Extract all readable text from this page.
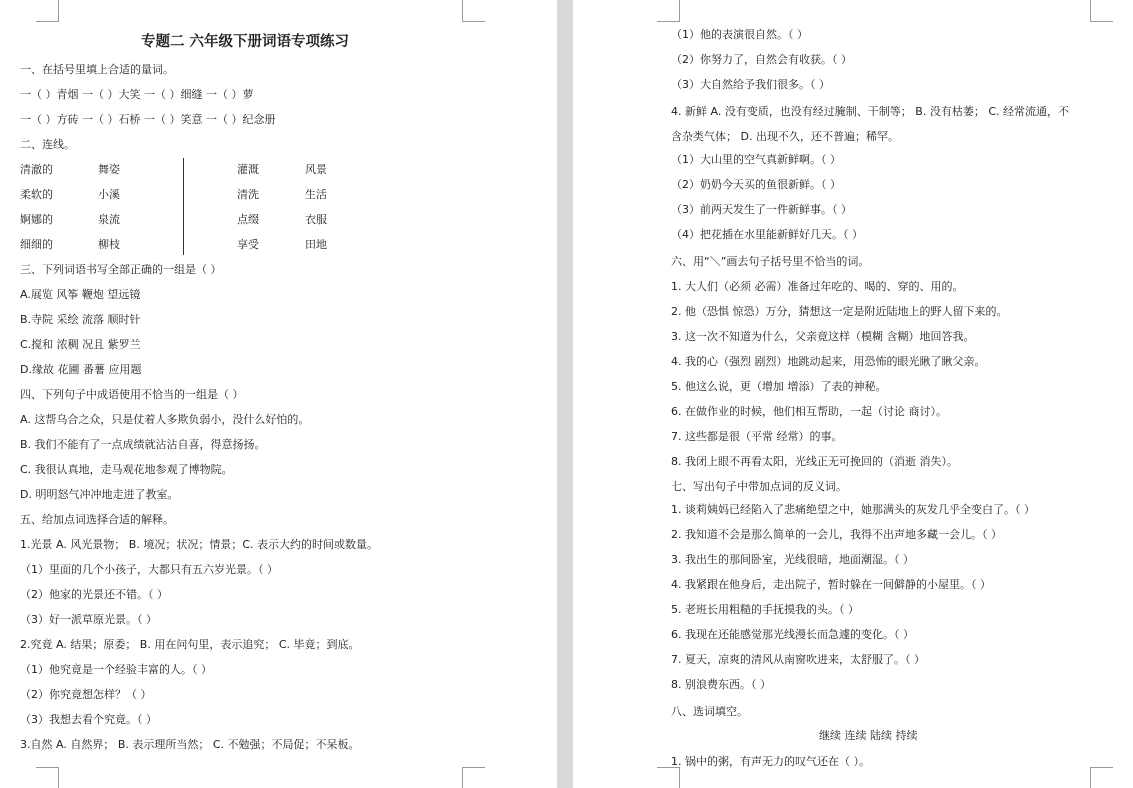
专题二 六年级下册词语专项练习
一、在括号里填上合适的量词。
一（ ）青烟 一（ ）大笑 一（ ）细缝 一（ ）萝
一（ ）方砖 一（ ）石桥 一（ ）笑意 一（ ）纪念册
二、连线。
清澈的	舞姿	灌溉	风景
柔软的	小溪	清洗	生活
婀娜的	泉流	点缀	衣服
细细的	柳枝	享受	田地
三、下列词语书写全部正确的一组是（ ）
A.展览 风筝 鞭炮 望远镜
B.寺院 采绘 流落 顺时针
C.搅和 浓稠 况且 紫罗兰
D.缘故 花圃 番薯 应用题
四、下列句子中成语使用不恰当的一组是（ ）
A. 这帮乌合之众，只是仗着人多欺负弱小，没什么好怕的。
B. 我们不能有了一点成绩就沾沾自喜，得意扬扬。
C. 我很认真地，走马观花地参观了博物院。
D. 明明怒气冲冲地走进了教室。
五、给加点词选择合适的解释。
1.光景 A. 风光景物； B. 境况；状况；情景；C. 表示大约的时间或数量。
（1）里面的几个小孩子，大都只有五六岁光景。（ ）
（2）他家的光景还不错。（ ）
（3）好一派草原光景。（ ）
2.究竟 A. 结果；原委； B. 用在问句里，表示追究； C. 毕竟；到底。
（1）他究竟是一个经验丰富的人。（ ）
（2）你究竟想怎样？（ ）
（3）我想去看个究竟。（ ）
3.自然 A. 自然界； B. 表示理所当然； C. 不勉强；不局促；不呆板。
（1）他的表演很自然。（ ）
（2）你努力了，自然会有收获。（ ）
（3）大自然给予我们很多。（ ）
4. 新鲜 A. 没有变质，也没有经过腌制、干制等； B. 没有枯萎； C. 经常流通，不
含杂类气体； D. 出现不久，还不普遍；稀罕。
（1）大山里的空气真新鲜啊。（ ）
（2）奶奶今天买的鱼很新鲜。（ ）
（3）前两天发生了一件新鲜事。（ ）
（4）把花插在水里能新鲜好几天。（ ）
六、用“＼”画去句子括号里不恰当的词。
1. 大人们（必须 必需）准备过年吃的、喝的、穿的、用的。
2. 他（恐惧 惊恐）万分，猜想这一定是附近陆地上的野人留下来的。
3. 这一次不知道为什么，父亲竟这样（模糊 含糊）地回答我。
4. 我的心（强烈 剧烈）地跳动起来，用恐怖的眼光瞅了瞅父亲。
5. 他这么说，更（增加 增添）了表的神秘。
6. 在做作业的时候，他们相互帮助，一起（讨论 商讨）。
7. 这些都是很（平常 经常）的事。
8. 我闭上眼不再看太阳，光线正无可挽回的（消逝 消失）。
七、写出句子中带加点词的反义词。
1. 谈莉姨妈已经陷入了悲痛绝望之中，她那满头的灰发几乎全变白了。（ ）
2. 我知道不会是那么简单的一会儿，我得不出声地多藏一会儿。（ ）
3. 我出生的那间卧室，光线很暗，地面潮湿。（ ）
4. 我紧跟在他身后，走出院子，暂时躲在一间僻静的小屋里。（ ）
5. 老班长用粗糙的手抚摸我的头。（ ）
6. 我现在还能感觉那光线漫长而急遽的变化。（ ）
7. 夏天，凉爽的清风从南窗吹进来，太舒服了。（ ）
8. 别浪费东西。（ ）
八、选词填空。
继续 连续 陆续 持续
1. 锅中的粥，有声无力的叹气还在（ ）。
